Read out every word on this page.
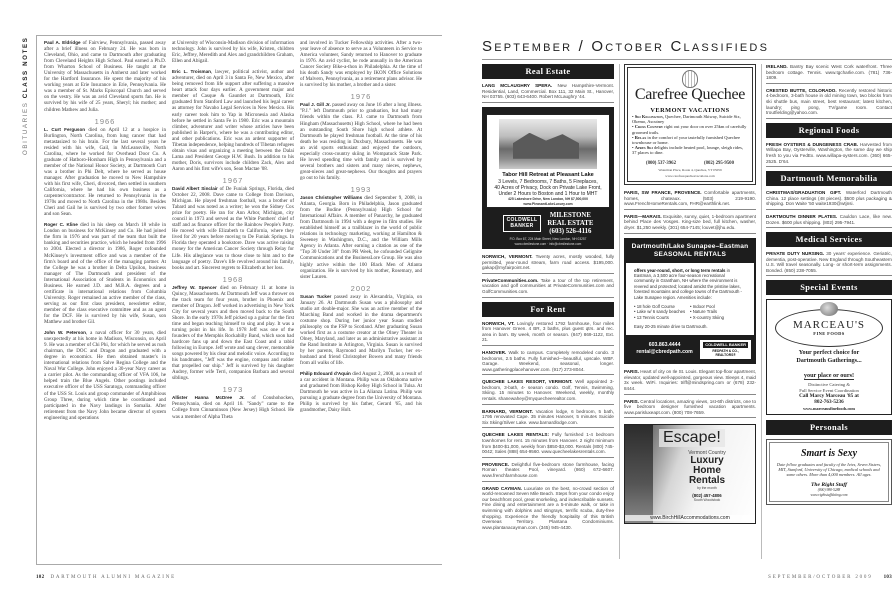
OBITUARIES CLASS NOTES	Paul A. Eldridge of Fairview, Pennsylvania, passed away after a brief illness on February 24. He was born in Cleveland, Ohio, and came to Dartmouth after graduating from Cleveland Heights High School. Paul earned a Ph.D. from Wharton School of Business. He taught at the University of Massachusetts in Amherst and later worked for the Hartford Insurance. He spent the majority of his working years at Erie Insurance in Erie, Pennsylvania. He was a member of St. Marks Episcopal Church and served on the vestry. He was an avid Cleveland sports fan. He is survived by his wife of 25 years, Sheryl; his mother; and children Mathew and Julia.

1966

L. Curt Ferguson died on April 12 at a hospice in Burlington, North Carolina, from lung cancer that had metastasized to his brain. For the last several years he resided with his wife, Gail, in McLeansville, North Carolina, where he worked for Overhead Door Co. A graduate of Hatboro-Horsham High in Pennsylvania and a member of the National Honor Society, at Dartmouth Curt was a brother in Phi Delt, where he served as house manager. After graduation he moved to New Hampshire with his first wife, Cheri, divorced, then settled in southern California, where he had his own business as a carpenter/contractor. He returned to Pennsylvania in the 1970s and moved to North Carolina in the 1980s. Besides Cheri and Gail he is survived by two other former wives and son Sean.

Roger C. Kline died in his sleep on March 18 while in London on business for McKinsey and Co. He had joined the firm in 1976 and was part of the team that built the banking and securities practice, which he headed from 1996 to 2004. Elected a director in 1986, Roger cofounded McKinsey's investment office and was a member of the firm's board and of the office of the managing partner. At the College he was a brother in Delta Upsilon, business manager of The Dartmouth and president of the International Association of Students in Economics and Business. He earned J.D. and M.B.A. degrees and a certificate in international relations from Columbia University. Roger remained an active member of the class, serving as our first class president, newsletter editor, member of the class executive committee and as an agent for the DCF. He is survived by his wife, Susan, son Matthew and brother Gil.

John W. Peterson, a naval officer for 30 years, died unexpectedly at his home in Madison, Wisconsin, on April 9. He was a member of Chi Phi, for which he served as rush chairman, the DOC and Dragon and graduated with a degree in economics. He then obtained master's in international relations from Salve Regina College and the Naval War College. John enjoyed a 30-year Navy career as a carrier pilot. As the commanding officer of VFA 106, he helped train the Blue Angels. Other postings included executive officer of the USS Saratoga, commanding officer of the USS St. Louis and group commander of Amphibious Group Three, during which time he coordinated and participated in the Navy landings in Somalia. After retirement from the Navy John became director of system engineering and operations

at University of Wisconsin-Madison division of information technology. John is survived by his wife, Kristen, children Eric, Jeffrey, Meredith and Alex and grandchildren Graham, Ellen and Abigail.

Eric L. Troisman, lawyer, political activist, author and adventurer, died on April 3 in Santa Fe, New Mexico, after being removed from life support after suffering a massive heart attack four days earlier. A government major and member of Casque & Gauntlet at Dartmouth, Eric graduated from Stanford Law and launched his legal career as attorney for Navaho Legal Services in New Mexico. His early career took him to Yap in Micronesia and Alaska before he settled in Santa Fe in 1980. Eric was a mountain climber, adventurer and writer whose articles have been published in Harper's, where he was a contributing editor, and other publications. Eric was an ardent supporter of Tibetan independence, helping hundreds of Tibetan refugees obtain visas and organizing a meeting between the Dalai Lama and President George H.W. Bush. In addition to his mother, Doris, survivors include children Zack, Alex and Aaron and his first wife's son, Sean Mactae '08.

1967

David Albert Sinclair of De Funiak Springs, Florida, died October 22, 2008. Dave came to College from Davison, Michigan. He played freshman football, was a brother of Tabard and was noted as a writer; he won the Sidney Cox prize for poetry. He ran for Ann Arbor, Michigan, city council in 1973 and served as the White Panthers' chief of staff and as finance officer for the Rainbow People's Party. He moved with wife Elizabeth to California, where they lived for 20 years before moving to De Funiak Springs. In Florida they operated a bookstore. Dave was active raising money for the American Cancer Society through Relay for Life. His allegiance was to those close to him and to the language of poetry. Dave's life revolved around his family, books and art. Sincerest regrets to Elizabeth at her loss.

1968

Jeffrey W. Spencer died on February 11 at home in Quincy, Massachusetts. At Dartmouth Jeff was a thrower on the track team for four years, brother in Phoenix and member of Dragon. Jeff worked in advertising in New York City for several years and then moved back to the South Shore. In the early 1970s Jeff picked up a guitar for the first time and began teaching himself to sing and play. It was a turning point in his life. In 1978 Jeff was one of the founders of the Memphis Rockabilly Band, which soon had hardcore fans up and down the East Coast and a rabid following in Europe. Jeff wrote and sang clever, memorable songs powered by his clear and melodic voice. According to his bandmates, "Jeff was the engine, compass and rudder that propelled our ship." Jeff is survived by his daughter Audrey, former wife Terri, companion Barbara and several siblings.

1973

Allister Hanna McDree Jr. of Conshohocken, Pennsylvania, died on April 16. "Sandy" came to the College from Cinnaminson (New Jersey) High School. He was a member of Alpha Theta

and involved in Tucker Fellowship activities. After a two-year leave of absence to serve as a Volunteers in Service to America volunteer, Sandy returned to Hanover to graduate in 1976. An avid cyclist, he rode annually in the American Cancer Society Bike-a-thon in Philadelphia. At the time of his death Sandy was employed by IKON Office Solutions of Malvern, Pennsylvania, as a retirement plans advisor. He is survived by his mother, a brother and a sister.

1976

Paul J. Gill Jr. passed away on June 16 after a long illness. "P.J." left Dartmouth prior to graduation, but had many friends within the class. P.J. came to Dartmouth from Hingham (Massachusetts) High School, where he had been an outstanding South Shore high school athlete. At Dartmouth he played freshman football. At the time of his death he was residing in Duxbury, Massachusetts. He was an avid sports enthusiast and enjoyed the outdoors, especially cross-country skiing in Wompatuck State Park. He loved spending time with family and is survived by several brothers and sisters and many nieces, nephews, great-nieces and great-nephews. Our thoughts and prayers go out to his family.

1993

Jason Christopher Williams died September 9, 2008, in Atlanta, Georgia. Born in Philadelphia, Jason graduated from the Bodine (Pennsylvania) High School for International Affairs. A member of Panarchy, he graduated from Dartmouth in 1994 with a degree in film studies. He established himself as a trailblazer in the world of public relations in technology marketing, working at Hamilton & Sweeney in Washington, D.C., and the William Mills Agency in Atlanta. After earning a citation as one of the "Top 30 Under 30" from PR Week, he cofounded Gelignite Communications and the BusinessLore Group. He was also highly active within the 100 Black Men of Atlanta organization. He is survived by his mother, Rosemary, and sister Lauren.

2002

Susan Tucker passed away in Alexandria, Virginia, on January 26. At Dartmouth Susan was a philosophy and studio art double-major. She was an active member of the Marching Band and worked in the drama department's costume shop. During her junior year Susan studied philosophy on the FSP to Scotland. After graduating Susan worked first as a costume creator at the Olney Theater in Olney, Maryland, and later as an administrative assistant at the Rand Institute in Arlington, Virginia. Susan is survived by her parents, Raymond and Marilyn Tucker, her ex-husband and friend Christopher Bowen and many friends from all walks of life.

Philip Edouard d'Aquin died August 2, 2008, as a result of a car accident in Montana. Philip was an Oklahoma native and graduated from Bishop Kelley High School in Tulsa. At Dartmouth he was active in La Alianza Latina. Philip was pursuing a graduate degree from the University of Montana. Philip is survived by his father, Gerard '65, and his grandmother, Daisy Holt.

102 DARTMOUTH ALUMNI MAGAZINE
September / October Classifieds
Real Estate
LANG MCLAUGHRY SPERA. New Hampshire-Vermont. Residential, Land, Commercial. Box 111, 32 Main St., Hanover, NH 03755. (603) 643-6400. Robert McLaughry '44.
Tabor Hill Retreat at Pleasant Lake
3 Levels, 7 Bedrooms, 7 Baths, 5 Fireplaces,
40 Acres of Privacy, Dock on Private Lake Front,
Under 2 Hours to Boston and 1 Hour to MHT
425 Lakeshore Drive, New London, NH $7,500,000
www.PleasantLakeLuxury.com
COLDWELL
BANKER
MILESTONE
REAL ESTATE
(603) 526-4116
P.O. Box 67, 224 Main Street, New London, NH 03257
www.cbmilestone.com · info@cbmilestone.com
NORWICH, VERMONT. Twenty acres, mostly wooded, fully permitted, year-round stream, farm road access. $195,000. gakap@myfairpoint.net.
PrivateCommunities.com. Take a tour of the top retirement, vacation and golf communities at PrivateCommunities.com and GolfCommunities.com.
For Rent
NORWICH, VT. Lovingly restored 1792 farmhouse, four miles from Hanover Green. 4 BR, 3 baths, plus guest qtrs. and rec. area in barn. By week, month or season. (847) 869-1122, Ext. 21.
HANOVER. Walk to campus. Completely remodeled condo. 3 bedrooms, 2.5 baths. Fully furnished—beautiful, upscale. WBF. Garage. Weekend, seasonal, longer. www.gatheringplacehanover.com. (917) 273-8044.
QUECHEE LAKES RESORT, VERMONT. Well appointed 3-bedroom, 3-bath, 4- season condo. Golf, Tennis, Swimming, Skiing. 15 minutes to Hanover. Weekend, weekly, monthly rentals. shanewahey@myquecheerealtor.com.
BARNARD, VERMONT. Vacation lodge, 6 bedroom, 5 bath, 1795 renovated Cape. 35 minutes Hanover, 5 minutes Suicide Six Skiing/Silver Lake. www.barnardlodge.com.
QUECHEE LAKES RENTALS: Fully furnished 1-4 bedroom townhomes for rent. 15 minutes from Hanover. 2 night minimum from $400-$1,000, weekly from $850-$3,000. Rentals (800) 745-0042; Sales (888) 654-9560. www.quecheelakesrentals.com.
PROVENCE. Delightful five-bedroom stone farmhouse, facing Roman theater. Pool, vineyard. (860) 672-6607. www.frenchfarmhouse.com
GRAND CAYMAN. Luxuriate on the best, no-crowd section of world-renowned Seven Mile Beach. Steps from your condo enjoy our beachfront pool, great snorkeling, and indescribable sunsets. Fine dining and entertainment are a 5-minute walk, or take in swimming with dolphins and stingrays, terrific scuba, duty-free shopping. Experience the friendly hospitality of this British Overseas Territory. Plantana Condominiums. www.plantanacayman.com. (345) 945-4430.
Carefree Quechee
VERMONT VACATIONS
• Ski Killington, Quechee, Dartmouth Skiway, Suicide Six, Okemo, Ascutney
• Cross Country right out your door on over 25km of carefully groomed trails.
• Relax in the comfort of your tastefully furnished Quechee townhouse or home.
• Apres Ski delights include heated pool, lounge, sleigh rides, 37 places to dine.
(800) 537-3962	(802) 295-9500
Waterman Place, Route 4, Quechee, VT 05059
www.carefreequecheevacations.com
PARIS, SW FRANCE, PROVENCE. Comfortable apartments, homes, chateaux. (503) 219-9190. www.FrenchHomeRentals.com, FHR@earthlink.net.
PARIS—MARAIS. Exquisite, sunny, quiet, 1-bedroom apartment behind Place des Vosges. King-size bed, full kitchen, washer, dryer. $1,250 weekly. (301) 654-7145; louvet@jhu.edu.
Dartmouth/Lake Sunapee–Eastman
SEASONAL RENTALS
offers year-round, short, or long term rentals in Eastman, a 3,500 acre four-season recreational community in Grantham, NH where the environment is revered and protected; located amidst the pristine lakes, forested mountains and college towns of the Dartmouth - Lake Sunapee region. Amenities include:
• 18 hole Golf Course	• Indoor Pool
• Lake w/ 6 sandy beaches	• Nature Trails
• 13 Tennis Courts	• X-country Skiing
Easy 20-25 minute drive to Dartmouth.
603.863.4444
rental@cbredpath.com
COLDWELL BANKER
REDPATH & CO.,
REALTORS®
PARIS. Heart of city on Ile St. Louis. Elegant top-floor apartment, elevator, updated well-appointed, gorgeous view. Sleeps 4, maid 3x week. WiFi. Inquiries: triff@mindspring.com or (678) 232-8444.
PARIS. Central locations, amazing views, 1st-6th districts, one to five bedroom designer furnished vacation apartments. www.parisluxeapt.com. (800) 708-7659.
Escape!
Vermont Country
Luxury
Home
Rentals
by the month
(802) 457-4806
South Woodstock
www.BirchHillAccommodations.com
IRELAND. Bantry Bay scenic West Cork waterfront. Three bedroom cottage. Tennis. www.tgcharlie.com. (781) 736-1809.
CRESTED BUTTE, COLORADO. Recently restored historic 4-bedroom, 3-bath house in old mining town, two blocks from ski shuttle bus, main street, best restaurant; latest kitchen, laundry; ping pong, TV/game room. Contact troutfielding@yahoo.com.
Regional Foods
FRESH OYSTERS & DUNGENESS CRAB. Harvested from Willapa Bay, Oysterville, Washington, the same day we ship fresh to you via FedEx. www.willapa-oysters.com. (360) 665-2525. D'64.
Dartmouth Memorabilia
CHRISTMAS/GRADUATION GIFT. Waterford Dartmouth China. 12 place settings (48 pieces). $500 plus packaging & shipping. Don Waite '50 waite1930@wtjnsi.
DARTMOUTH DINNER PLATES. Cauldon Lace, like new. Dozen. $600 plus shipping. (802) 295-7941.
Medical Services
PRIVATE DUTY NURSING. 30 years' experience. Geriatric, dementia, post-operative. New England through Southeastern U.S. Will travel seasonally. Long- or short-term assignments. Bonded. (850) 238-7055.
Special Events
MARCEAU'S
FINE FOODS
Your perfect choice for
Dartmouth Gatherings...
your place or ours!
Distinctive Catering &
Full Service Event Coordination
Call Marcy Marceau '85 at
802-763-5236
www.marceausfinefoods.com
Personals
Smart is Sexy
Date fellow graduates and faculty of the Ivies, Seven Sisters, MIT, Stanford, University of Chicago, medical schools and some others. More than 4,000 members. All ages.
The Right Stuff
(800) 988-5288
www.rightstuffdating.com
SEPTEMBER/OCTOBER 2009 103
